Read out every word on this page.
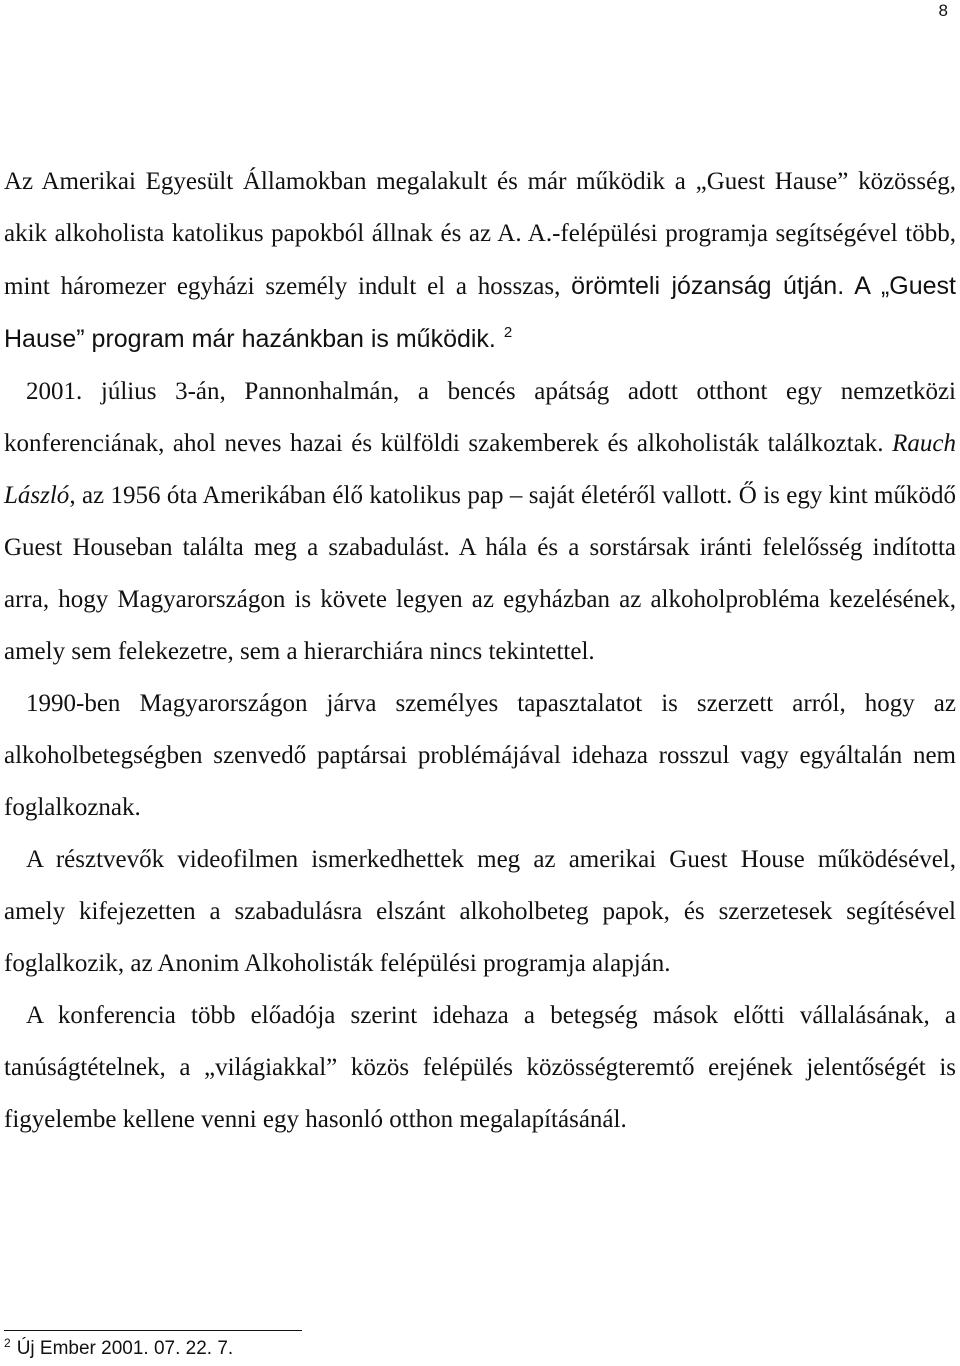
8

Az Amerikai Egyesült Államokban megalakult és már működik a „Guest Hause” közösség, akik alkoholista katolikus papokból állnak és az A. A.-felépülési programja segítségével több, mint háromezer egyházi személy indult el a hosszas, örömteli józanság útján. A „Guest Hause” program már hazánkban is működik. $^2$

2001. július 3-án, Pannonhalmán, a bencés apátság adott otthont egy nemzetközi konferenciának, ahol neves hazai és külföldi szakemberek és alkoholisták találkoztak. Rauch László, az 1956 óta Amerikában élő katolikus pap – saját életéről vallott. Ő is egy kint működő Guest Houseban találta meg a szabadulást. A hála és a sorstársak iránti felelősség indította arra, hogy Magyarországon is követe legyen az egyházban az alkoholprobléma kezelésének, amely sem felekezetre, sem a hierarchiára nincs tekintettel.

1990-ben Magyarországon járva személyes tapasztalatot is szerzett arról, hogy az alkoholbetegségben szenvedő paptársai problémájával idehaza rosszul vagy egyáltalán nem foglalkoznak.

A résztvevők videofilmen ismerkedhettek meg az amerikai Guest House működésével, amely kifejezetten a szabadulásra elszánt alkoholbeteg papok, és szerzetesek segítésével foglalkozik, az Anonim Alkoholisták felépülési programja alapján.

A konferencia több előadója szerint idehaza a betegség mások előtti vállalásának, a tanúságtételnek, a „világiakkal” közös felépülés közösségteremtő erejének jelentőségét is figyelembe kellene venni egy hasonló otthon megalapításánál.

$^2$ Új Ember 2001. 07. 22. 7.
